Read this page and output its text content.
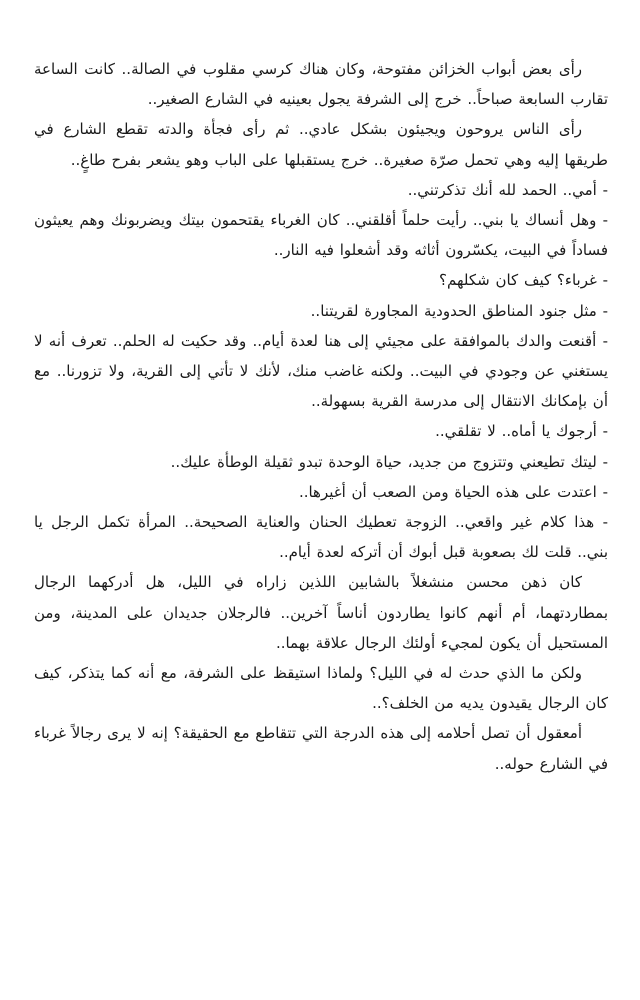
رأى بعض أبواب الخزائن مفتوحة، وكان هناك كرسي مقلوب في الصالة.. كانت الساعة تقارب السابعة صباحاً.. خرج إلى الشرفة يجول بعينيه في الشارع الصغير..

رأى الناس يروحون ويجيئون بشكل عادي.. ثم رأى فجأة والدته تقطع الشارع في طريقها إليه وهي تحمل صرّة صغيرة.. خرج يستقبلها على الباب وهو يشعر بفرح طاغٍ..

- أمي.. الحمد لله أنك تذكرتني..

- وهل أنساك يا بني.. رأيت حلماً أقلقني.. كان الغرباء يقتحمون بيتك ويضربونك وهم يعيثون فساداً في البيت، يكسّرون أثاثه وقد أشعلوا فيه النار..

- غرباء؟ كيف كان شكلهم؟

- مثل جنود المناطق الحدودية المجاورة لقريتنا..

- أقنعت والدك بالموافقة على مجيئي إلى هنا لعدة أيام.. وقد حكيت له الحلم.. تعرف أنه لا يستغني عن وجودي في البيت.. ولكنه غاضب منك، لأنك لا تأتي إلى القرية، ولا تزورنا.. مع أن بإمكانك الانتقال إلى مدرسة القرية بسهولة..

- أرجوك يا أماه.. لا تقلقي..

- ليتك تطيعني وتتزوج من جديد، حياة الوحدة تبدو ثقيلة الوطأة عليك..

- اعتدت على هذه الحياة ومن الصعب أن أغيرها..

- هذا كلام غير واقعي.. الزوجة تعطيك الحنان والعناية الصحيحة.. المرأة تكمل الرجل يا بني.. قلت لك بصعوبة قبل أبوك أن أتركه لعدة أيام..

كان ذهن محسن منشغلاً بالشابين اللذين زاراه في الليل، هل أدركهما الرجال بمطاردتهما، أم أنهم كانوا يطاردون أناساً آخرين.. فالرجلان جديدان على المدينة، ومن المستحيل أن يكون لمجيء أولئك الرجال علاقة بهما..

ولكن ما الذي حدث له في الليل؟ ولماذا استيقظ على الشرفة، مع أنه كما يتذكر، كيف كان الرجال يقيدون يديه من الخلف؟..

أمعقول أن تصل أحلامه إلى هذه الدرجة التي تتقاطع مع الحقيقة؟ إنه لا يرى رجالاً غرباء في الشارع حوله..
